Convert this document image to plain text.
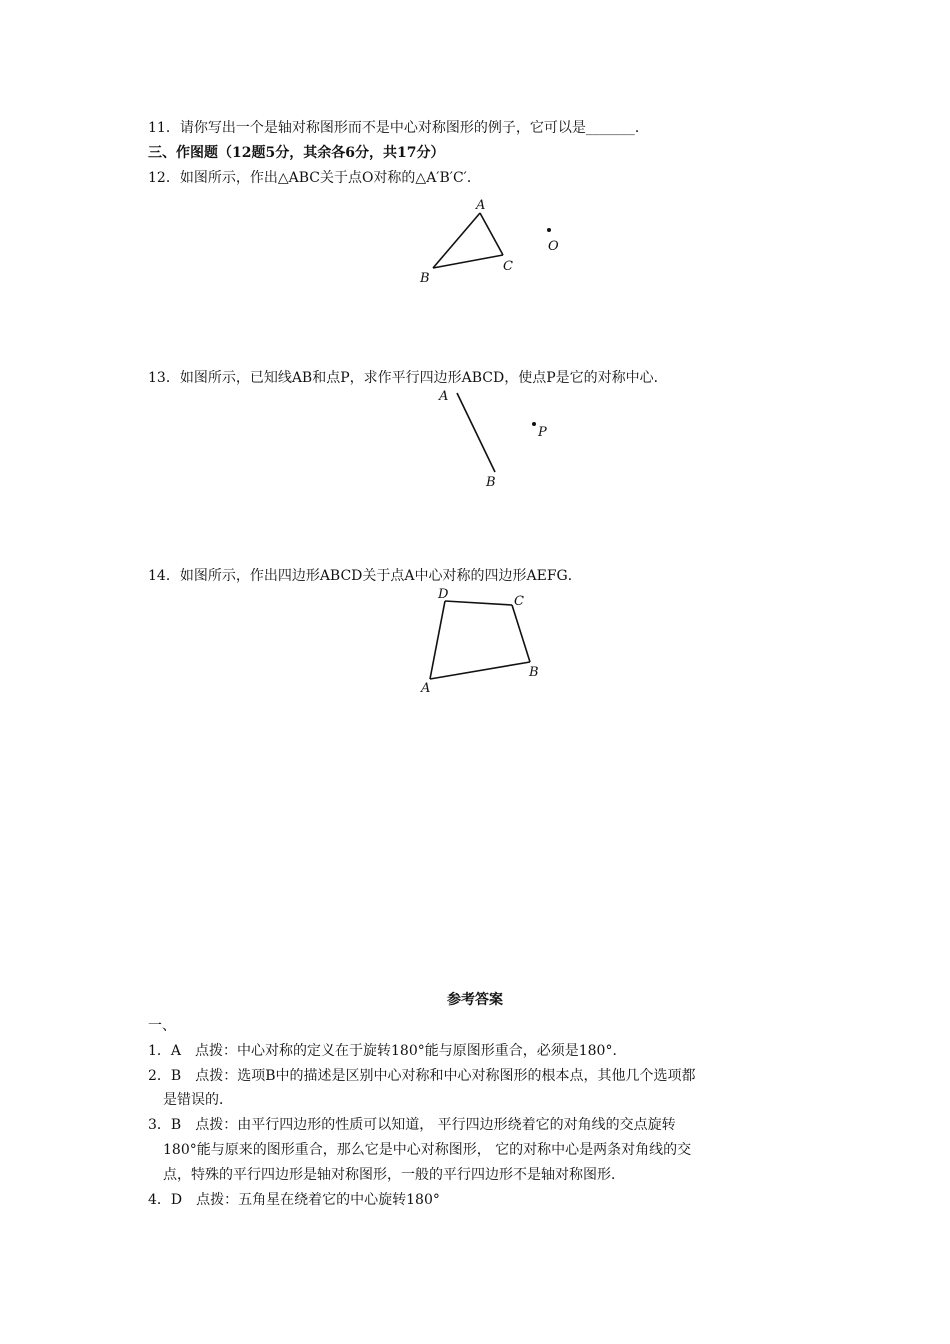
11．请你写出一个是轴对称图形而不是中心对称图形的例子，它可以是_______．
三、作图题（12题5分，其余各6分，共17分）
12．如图所示，作出△ABC关于点O对称的△A′B′C′．
A
B
C
O
A
B
P
D	C
B
A
13．如图所示，已知线AB和点P，求作平行四边形ABCD，使点P是它的对称中心．
14．如图所示，作出四边形ABCD关于点A中心对称的四边形AEFG．
参考答案
一、
1．A　点拨：中心对称的定义在于旋转180°能与原图形重合，必须是180°．
2．B　点拨：选项B中的描述是区别中心对称和中心对称图形的根本点，其他几个选项都
是错误的．
3．B　点拨：由平行四边形的性质可以知道， 平行四边形绕着它的对角线的交点旋转
180°能与原来的图形重合，那么它是中心对称图形， 它的对称中心是两条对角线的交
点，特殊的平行四边形是轴对称图形，一般的平行四边形不是轴对称图形．
4．D　点拨：五角星在绕着它的中心旋转180°
